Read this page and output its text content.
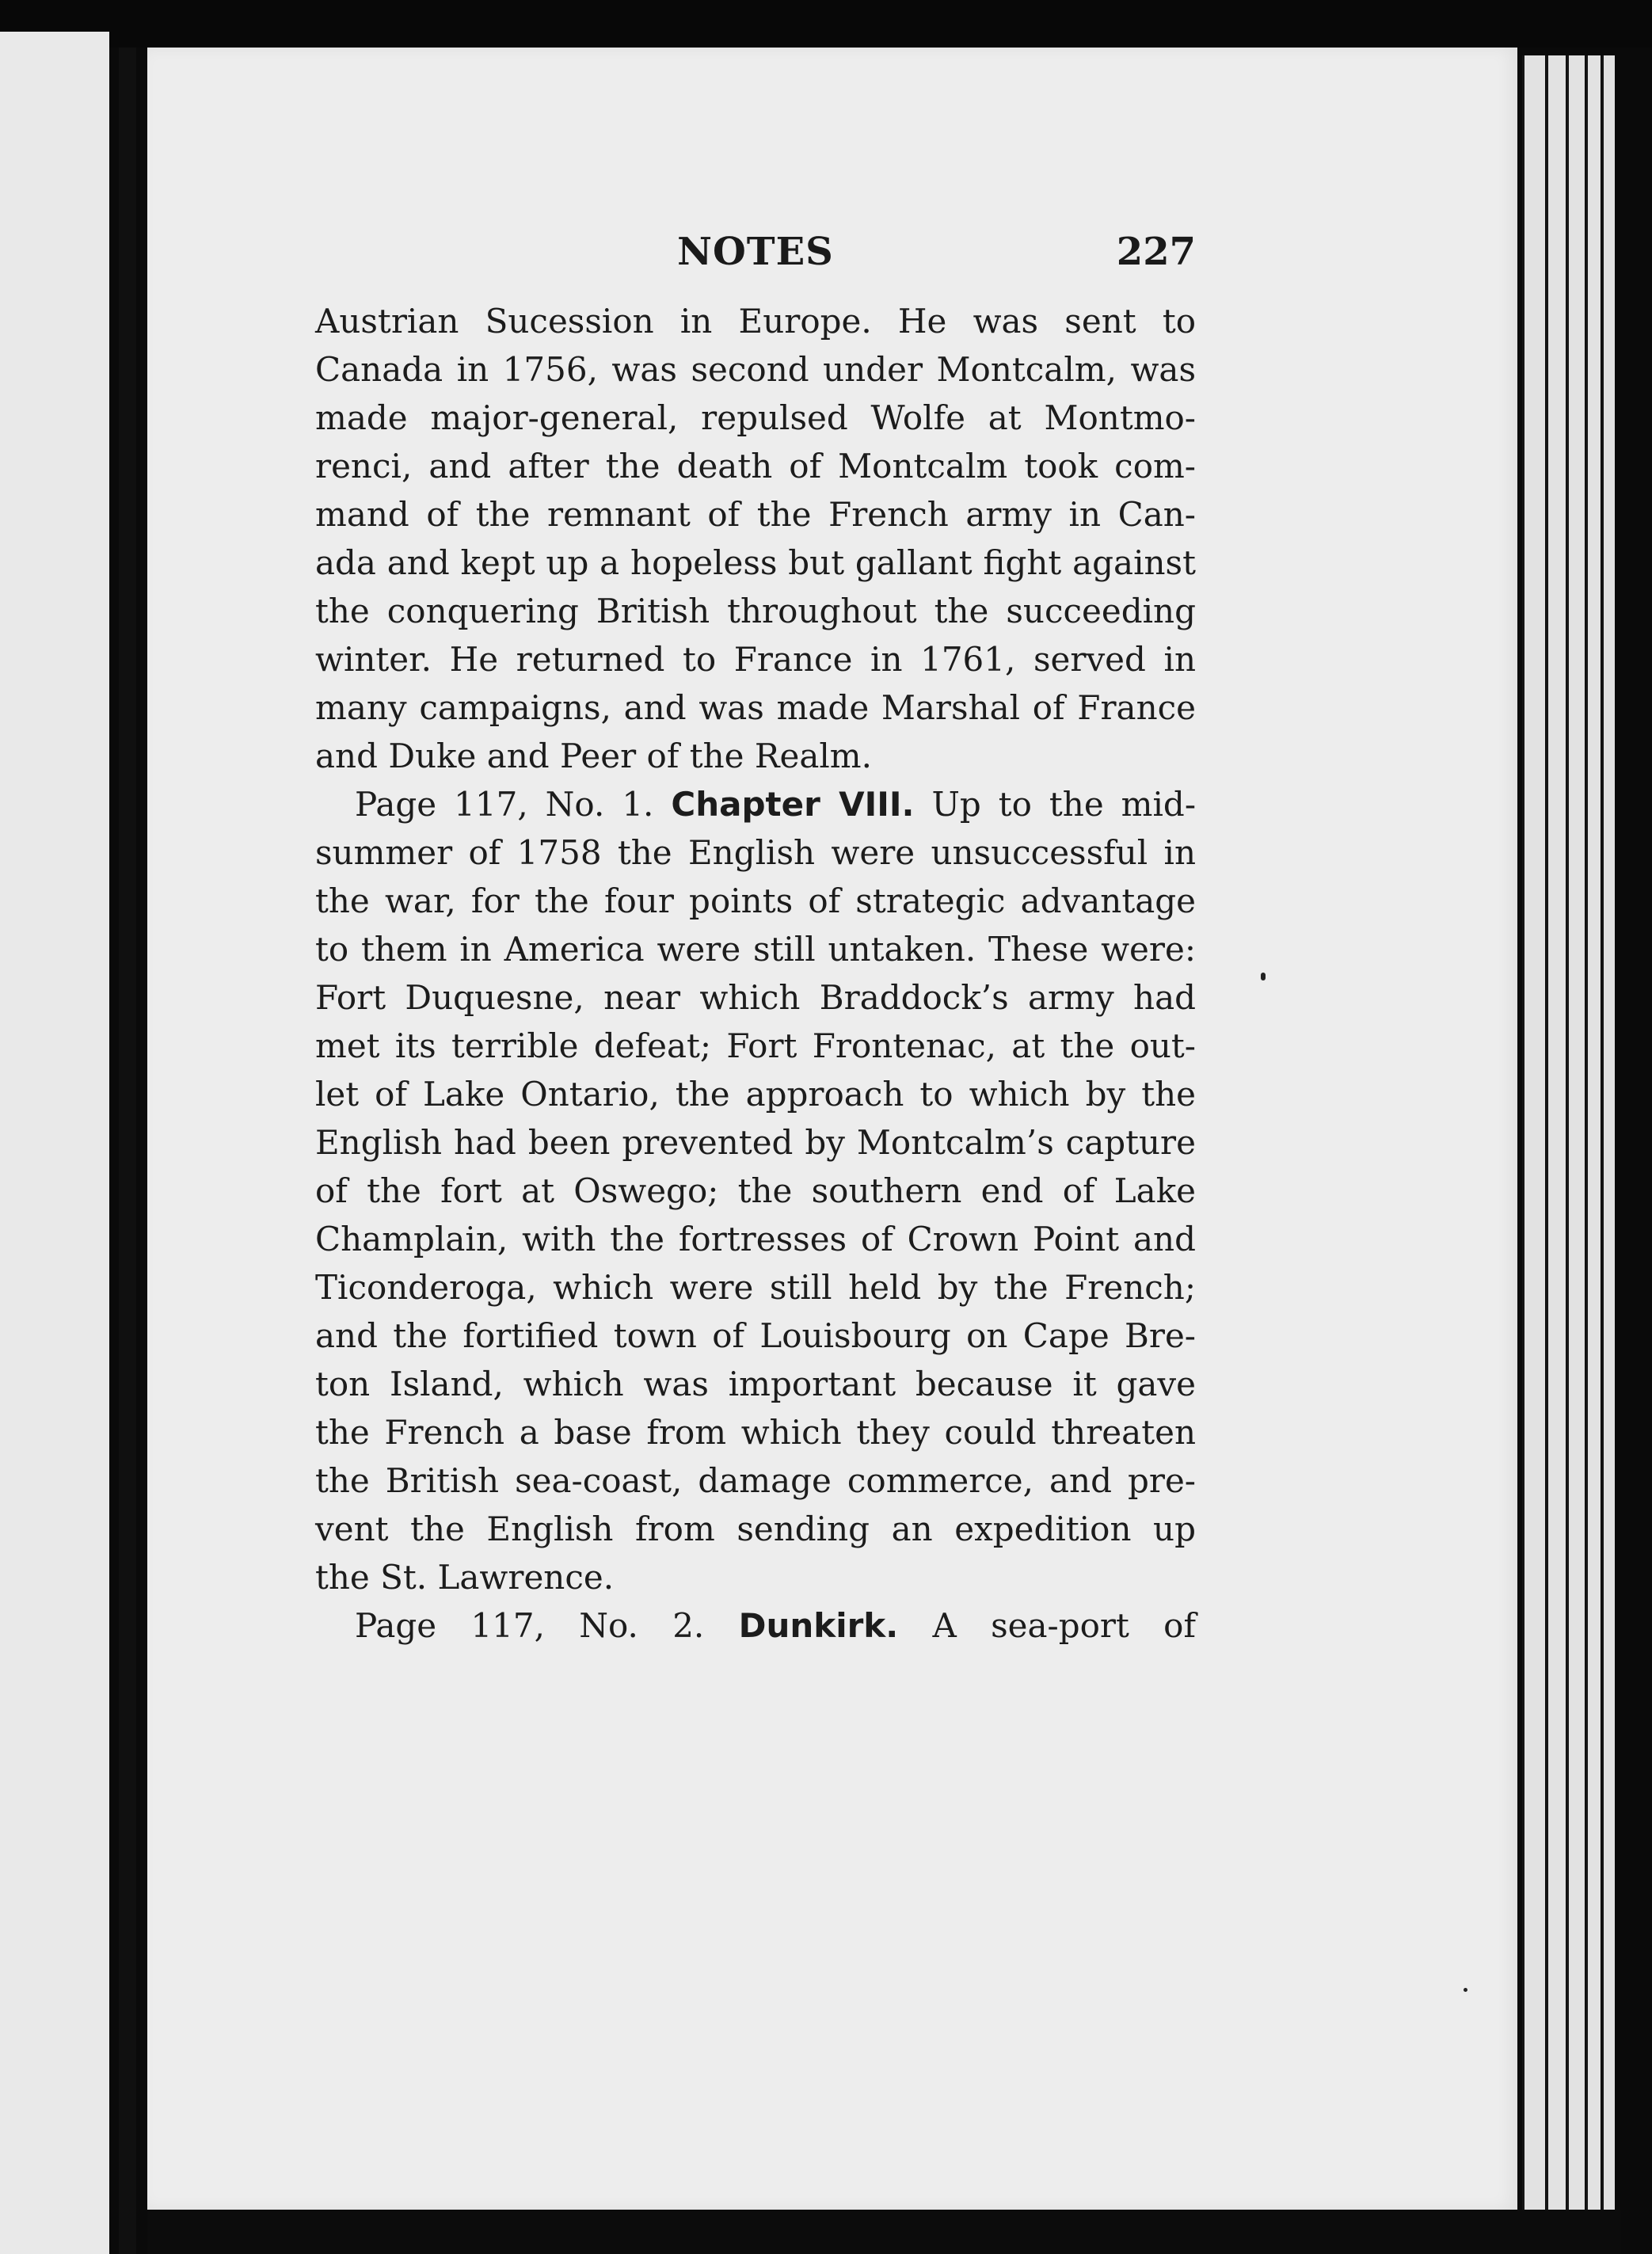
NOTES	227
Austrian Sucession in Europe. He was sent to
Canada in 1756, was second under Montcalm, was
made major-general, repulsed Wolfe at Montmo-
renci, and after the death of Montcalm took com-
mand of the remnant of the French army in Can-
ada and kept up a hopeless but gallant fight against
the conquering British throughout the succeeding
winter. He returned to France in 1761, served in
many campaigns, and was made Marshal of France
and Duke and Peer of the Realm.
Page 117, No. 1. Chapter VIII. Up to the mid-
summer of 1758 the English were unsuccessful in
the war, for the four points of strategic advantage
to them in America were still untaken. These were:
Fort Duquesne, near which Braddock’s army had
met its terrible defeat; Fort Frontenac, at the out-
let of Lake Ontario, the approach to which by the
English had been prevented by Montcalm’s capture
of the fort at Oswego; the southern end of Lake
Champlain, with the fortresses of Crown Point and
Ticonderoga, which were still held by the French;
and the fortified town of Louisbourg on Cape Bre-
ton Island, which was important because it gave
the French a base from which they could threaten
the British sea-coast, damage commerce, and pre-
vent the English from sending an expedition up
the St. Lawrence.
Page 117, No. 2. Dunkirk. A sea-port of
